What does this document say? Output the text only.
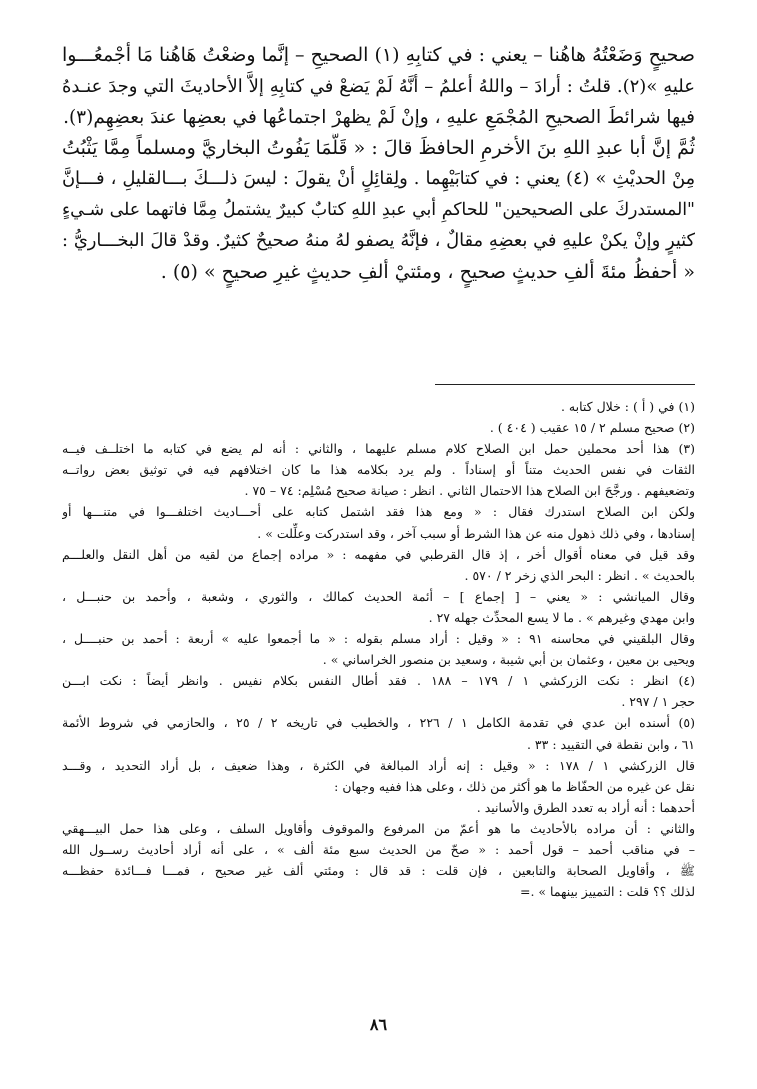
صحيحٍ وَضَعْتُهُ هاهُنا – يعني : في كتابِهِ (١) الصحيحِ – إنَّما وضعْتُ هَاهُنا مَا أجْمعُـــوا
عليهِ »(٢). قلتُ : أرادَ – واللهُ أعلمُ – أنَّهُ لَمْ يَضعْ في كتابِهِ إلاَّ الأحاديثَ التي وجدَ عنـدهُ
فيها شرائطَ الصحيحِ المُجْمَعِ عليهِ ، وإنْ لَمْ يظهرْ اجتماعُها في بعضِها عندَ بعضِهِم(٣).
ثُمَّ إنَّ أبا عبدِ اللهِ بنَ الأخرمِ الحافظَ قالَ : « قَلَّمَا يَفُوتُ البخاريَّ ومسلماً مِمَّا يَثْبُتُ
مِنْ الحديْثِ » (٤) يعني : في كتابَيْهِما . ولِقائِلٍ أنْ يقولَ : ليسَ ذلـــكَ بـــالقليلِ ، فـــإنَّ
"المستدركَ على الصحيحين" للحاكمِ أبي عبدِ اللهِ كتابٌ كبيرٌ يشتملُ مِمَّا فاتهما على شـيءٍ
كثيرٍ وإنْ يكنْ عليهِ في بعضِهِ مقالٌ ، فإنَّهُ يصفو لهُ منهُ صحيحٌ كثيرٌ. وقدْ قالَ البخـــاريُّ :
« أحفظُ مئةَ ألفِ حديثٍ صحيحٍ ، ومئتيْ ألفِ حديثٍ غيرِ صحيحٍ » (٥) .
(١) في ( أ ) : خلال كتابه .
(٢) صحيح مسلم ٢ / ١٥ عقيب ( ٤٠٤ ) .
(٣) هذا أحد محملين حمل ابن الصلاح كلام مسلم عليهما ، والثاني : أنه لم يضع في كتابه ما اختلــف فيــه
الثقات في نفس الحديث متناً أو إسناداً . ولم يرد بكلامه هذا ما كان اختلافهم فيه في توثيق بعض رواتــه
وتضعيفهم . ورجَّحَ ابن الصلاح هذا الاحتمال الثاني . انظر : صيانة صحيح مُسْلِم: ٧٤ – ٧٥ .
ولكن ابن الصلاح استدرك فقال : « ومع هذا فقد اشتمل كتابه على أحـــاديث اختلفـــوا في متنـــها أو
إسنادها ، وفي ذلك ذهول منه عن هذا الشرط أو سبب آخر ، وقد استدركت وعلِّلت » .
وقد قيل في معناه أقوال أخر ، إذ قال القرطبي في مفهمه : « مراده إجماع من لقيه من أهل النقل والعلـــم
بالحديث » . انظر : البحر الذي زخر ٢ / ٥٧٠ .
وقال الميانشي : « يعني – [ إجماع ] – أئمة الحديث كمالك ، والثوري ، وشعبة ، وأحمد بن حنبـــل ،
وابن مهدي وغيرهم » . ما لا يسع المحدِّث جهله ٢٧ .
وقال البلقيني في محاسنه ٩١ : « وقيل : أراد مسلم بقوله : « ما أجمعوا عليه » أربعة : أحمد بن حنبــــل ،
ويحيى بن معين ، وعثمان بن أبي شيبة ، وسعيد بن منصور الخراساني » .
(٤) انظر : نكت الزركشي ١ / ١٧٩ – ١٨٨ . فقد أطال النفس بكلام نفيس . وانظر أيضاً : نكت ابـــن
حجر ١ / ٢٩٧ .
(٥) أسنده ابن عدي في تقدمة الكامل ١ / ٢٢٦ ، والخطيب في تاريخه ٢ / ٢٥ ، والحازمي في شروط الأئمة
٦١ ، وابن نقطة في التقييد : ٣٣ .
قال الزركشي ١ / ١٧٨ : « وقيل : إنه أراد المبالغة في الكثرة ، وهذا ضعيف ، بل أراد التحديد ، وقـــد
نقل عن غيره من الحفّاظ ما هو أكثر من ذلك ، وعلى هذا ففيه وجهان :
أحدهما : أنه أراد به تعدد الطرق والأسانيد .
والثاني : أن مراده بالأحاديث ما هو أعمّ من المرفوع والموقوف وأقاويل السلف ، وعلى هذا حمل البيـــهقي
– في مناقب أحمد – قول أحمد : « صحّ من الحديث سبع مئة ألف » ، على أنه أراد أحاديث رســول الله
ﷺ ، وأقاويل الصحابة والتابعين ، فإن قلت : قد قال : ومئتي ألف غير صحيح ، فمـــا فـــائدة حفظـــه
لذلك ؟؟ قلت : التمييز بينهما » .=
٨٦
